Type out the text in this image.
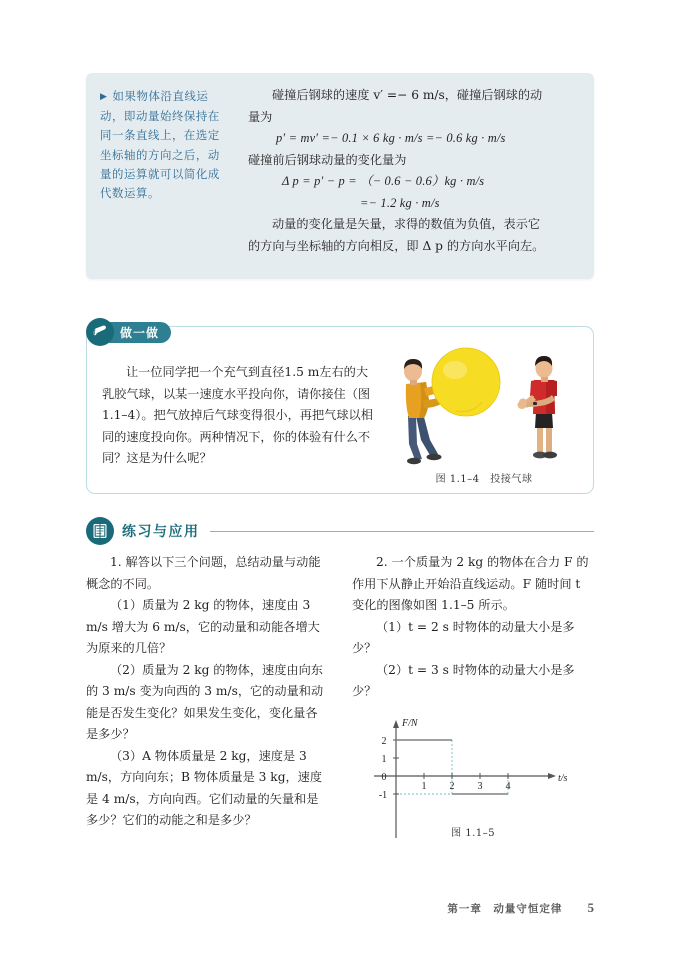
▶ 如果物体沿直线运动，即动量始终保持在同一条直线上，在选定坐标轴的方向之后，动量的运算就可以简化成代数运算。

碰撞后钢球的速度 v′ =− 6 m/s，碰撞后钢球的动

量为

p′ = mv′ =− 0.1 × 6 kg · m/s =− 0.6 kg · m/s

碰撞前后钢球动量的变化量为

Δ p = p′ − p = （− 0.6 − 0.6）kg · m/s

=− 1.2 kg · m/s

动量的变化量是矢量，求得的数值为负值，表示它

的方向与坐标轴的方向相反，即 Δ p 的方向水平向左。

做一做

让一位同学把一个充气到直径1.5 m左右的大乳胶气球，以某一速度水平投向你，请你接住（图 1.1–4）。把气放掉后气球变得很小，再把气球以相同的速度投向你。两种情况下，你的体验有什么不同？这是为什么呢？

图 1.1–4　投接气球
练习与应用

1. 解答以下三个问题，总结动量与动能概念的不同。

（1）质量为 2 kg 的物体，速度由 3 m/s 增大为 6 m/s，它的动量和动能各增大为原来的几倍？

（2）质量为 2 kg 的物体，速度由向东的 3 m/s 变为向西的 3 m/s，它的动量和动能是否发生变化？如果发生变化，变化量各是多少？

（3）A 物体质量是 2 kg，速度是 3 m/s，方向向东；B 物体质量是 3 kg，速度是 4 m/s，方向向西。它们动量的矢量和是多少？它们的动能之和是多少？

2. 一个质量为 2 kg 的物体在合力 F 的作用下从静止开始沿直线运动。F 随时间 t 变化的图像如图 1.1–5 所示。

（1）t = 2 s 时物体的动量大小是多少？

（2）t = 3 s 时物体的动量大小是多少？

F/N
t/s
2
1
0
-1
1 2 3 4
图 1.1–5
第一章　动量守恒定律 5
